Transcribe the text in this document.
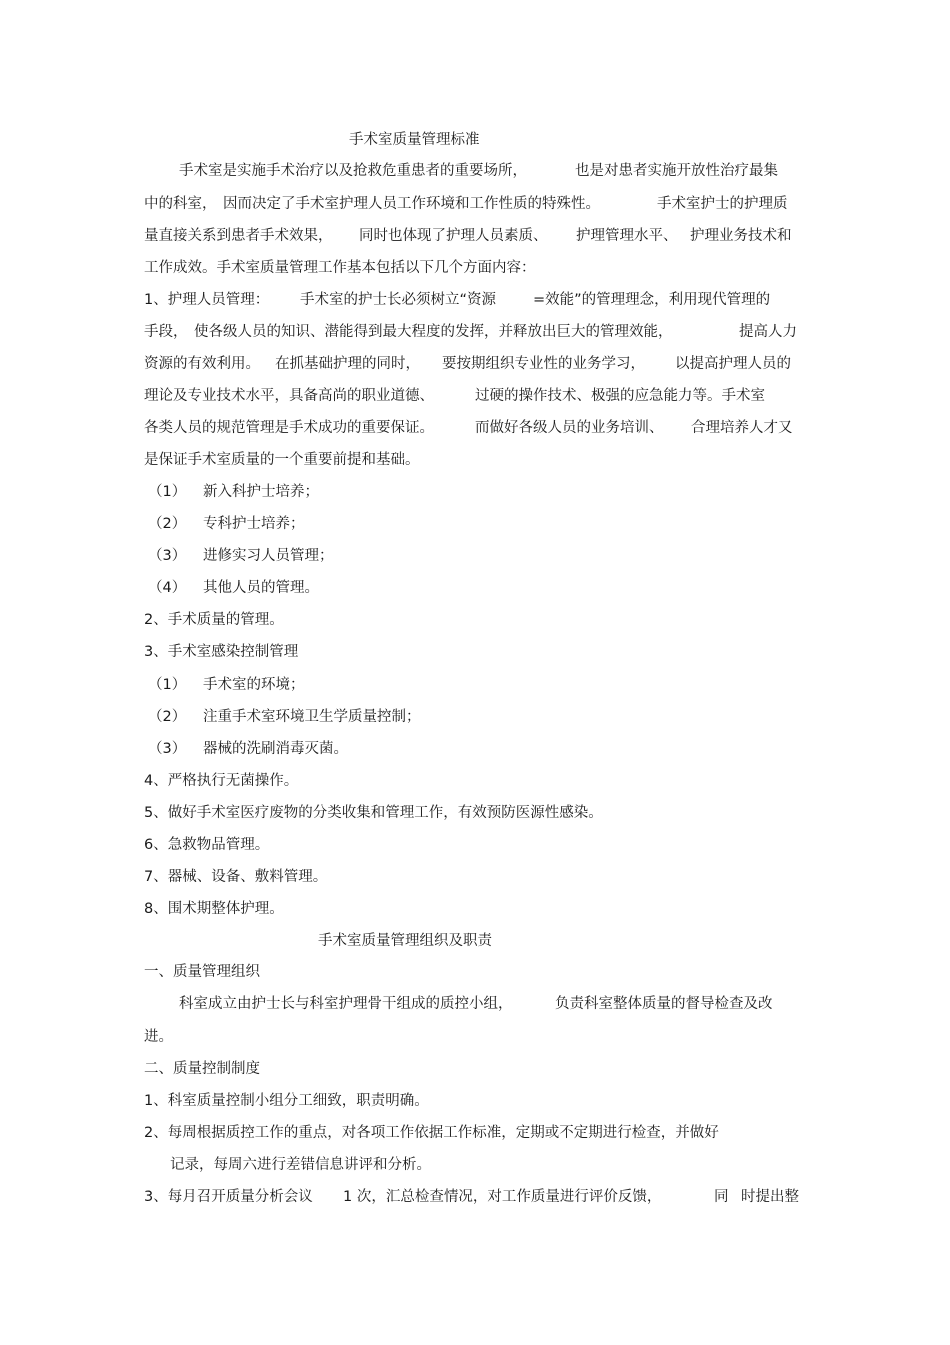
手术室质量管理标准

手术室是实施手术治疗以及抢救危重患者的重要场所，

	也是对患者实施开放性治疗最集

中的科室，

因而决定了手术室护理人员工作环境和工作性质的特殊性。

	手术室护士的护理质

量直接关系到患者手术效果，

同时也体现了护理人员素质、

护理管理水平、

护理业务技术和

工作成效。手术室质量管理工作基本包括以下几个方面内容：

1、护理人员管理：

手术室的护士长必须树立“资源

	=效能”的管理理念，利用现代管理的

手段，

使各级人员的知识、潜能得到最大程度的发挥，并释放出巨大的管理效能，

	提高人力

资源的有效利用。

在抓基础护理的同时，

要按期组织专业性的业务学习，

以提高护理人员的

理论及专业技术水平，具备高尚的职业道德、

	过硬的操作技术、极强的应急能力等。手术室

各类人员的规范管理是手术成功的重要保证。

	而做好各级人员的业务培训、

合理培养人才又

是保证手术室质量的一个重要前提和基础。

（1）

新入科护士培养；

（2）

专科护士培养；

（3）

进修实习人员管理；

（4）

其他人员的管理。

2、手术质量的管理。
3、手术室感染控制管理

（1）

手术室的环境；

（2）

注重手术室环境卫生学质量控制；

（3）

器械的洗刷消毒灭菌。

4、严格执行无菌操作。
5、做好手术室医疗废物的分类收集和管理工作，有效预防医源性感染。
6、急救物品管理。
7、器械、设备、敷料管理。
8、围术期整体护理。
手术室质量管理组织及职责
一、质量管理组织

科室成立由护士长与科室护理骨干组成的质控小组，

	负责科室整体质量的督导检查及改

进。

二、质量控制制度
1、科室质量控制小组分工细致，职责明确。
2、每周根据质控工作的重点，对各项工作依据工作标准，定期或不定期进行检查，并做好
记录，每周六进行差错信息讲评和分析。

3、每月召开质量分析会议

1 次，汇总检查情况，对工作质量进行评价反馈，

	同

时提出整
